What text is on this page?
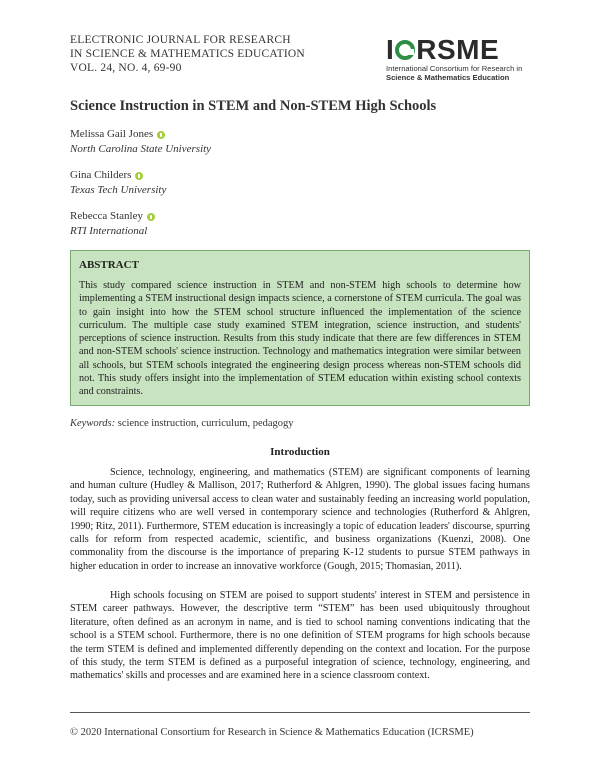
ELECTRONIC JOURNAL FOR RESEARCH
IN SCIENCE & MATHEMATICS EDUCATION
VOL. 24, NO. 4, 69-90
I RSME
International Consortium for Research in
Science & Mathematics Education
Science Instruction in STEM and Non-STEM High Schools
Melissa Gail Jones
North Carolina State University
Gina Childers
Texas Tech University
Rebecca Stanley
RTI International
ABSTRACT
This study compared science instruction in STEM and non-STEM high schools to determine how implementing a STEM instructional design impacts science, a cornerstone of STEM curricula. The goal was to gain insight into how the STEM school structure influenced the implementation of the science curriculum. The multiple case study examined STEM integration, science instruction, and students' perceptions of science instruction. Results from this study indicate that there are few differences in STEM and non-STEM schools' science instruction. Technology and mathematics integration were similar between all schools, but STEM schools integrated the engineering design process whereas non-STEM schools did not. This study offers insight into the implementation of STEM education within existing school contexts and constraints.
Keywords: science instruction, curriculum, pedagogy
Introduction

Science, technology, engineering, and mathematics (STEM) are significant components of learning and human culture (Hudley & Mallison, 2017; Rutherford & Ahlgren, 1990). The global issues facing humans today, such as providing universal access to clean water and sustainably feeding an increasing world population, will require citizens who are well versed in contemporary science and technologies (Rutherford & Ahlgren, 1990; Ritz, 2011). Furthermore, STEM education is increasingly a topic of education leaders' discourse, spurring calls for reform from respected academic, scientific, and business organizations (Kuenzi, 2008). One commonality from the discourse is the importance of preparing K-12 students to pursue STEM pathways in higher education in order to increase an innovative workforce (Gough, 2015; Thomasian, 2011).

High schools focusing on STEM are poised to support students' interest in STEM and persistence in STEM career pathways. However, the descriptive term “STEM” has been used ubiquitously throughout literature, often defined as an acronym in name, and is tied to school naming conventions indicating that the school is a STEM school. Furthermore, there is no one definition of STEM programs for high schools because the term STEM is defined and implemented differently depending on the context and location. For the purpose of this study, the term STEM is defined as a purposeful integration of science, technology, engineering, and mathematics' skills and processes and are examined here in a science classroom context.

© 2020 International Consortium for Research in Science & Mathematics Education (ICRSME)
